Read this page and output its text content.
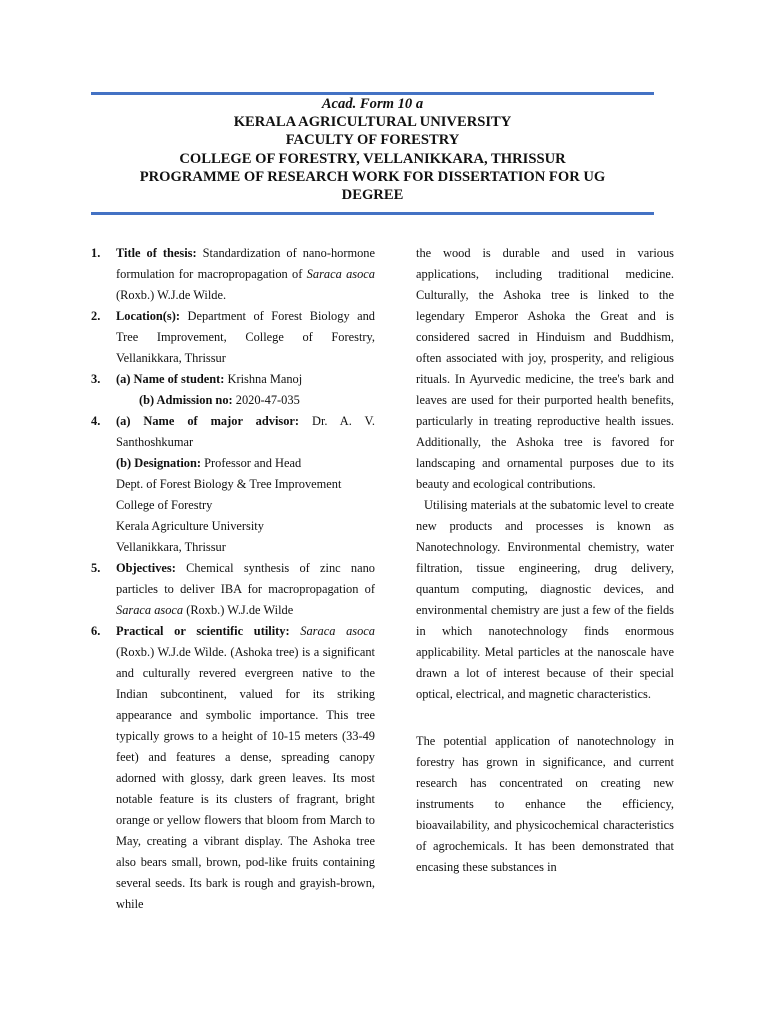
Acad. Form 10 a
KERALA AGRICULTURAL UNIVERSITY
FACULTY OF FORESTRY
COLLEGE OF FORESTRY, VELLANIKKARA, THRISSUR
PROGRAMME OF RESEARCH WORK FOR DISSERTATION FOR UG
DEGREE
1. Title of thesis: Standardization of nano-hormone formulation for macropropagation of Saraca asoca (Roxb.) W.J.de Wilde.
2. Location(s): Department of Forest Biology and Tree Improvement, College of Forestry, Vellanikkara, Thrissur
3. (a) Name of student: Krishna Manoj
(b) Admission no: 2020-47-035
4. (a) Name of major advisor: Dr. A. V. Santhoshkumar
(b) Designation: Professor and Head
Dept. of Forest Biology & Tree Improvement
College of Forestry
Kerala Agriculture University
Vellanikkara, Thrissur
5. Objectives: Chemical synthesis of zinc nano particles to deliver IBA for macropropagation of Saraca asoca (Roxb.) W.J.de Wilde
6. Practical or scientific utility: Saraca asoca (Roxb.) W.J.de Wilde. (Ashoka tree) is a significant and culturally revered evergreen native to the Indian subcontinent, valued for its striking appearance and symbolic importance. This tree typically grows to a height of 10-15 meters (33-49 feet) and features a dense, spreading canopy adorned with glossy, dark green leaves. Its most notable feature is its clusters of fragrant, bright orange or yellow flowers that bloom from March to May, creating a vibrant display. The Ashoka tree also bears small, brown, pod-like fruits containing several seeds. Its bark is rough and grayish-brown, while

the wood is durable and used in various applications, including traditional medicine. Culturally, the Ashoka tree is linked to the legendary Emperor Ashoka the Great and is considered sacred in Hinduism and Buddhism, often associated with joy, prosperity, and religious rituals. In Ayurvedic medicine, the tree's bark and leaves are used for their purported health benefits, particularly in treating reproductive health issues. Additionally, the Ashoka tree is favored for landscaping and ornamental purposes due to its beauty and ecological contributions.

Utilising materials at the subatomic level to create new products and processes is known as Nanotechnology. Environmental chemistry, water filtration, tissue engineering, drug delivery, quantum computing, diagnostic devices, and environmental chemistry are just a few of the fields in which nanotechnology finds enormous applicability. Metal particles at the nanoscale have drawn a lot of interest because of their special optical, electrical, and magnetic characteristics.

The potential application of nanotechnology in forestry has grown in significance, and current research has concentrated on creating new instruments to enhance the efficiency, bioavailability, and physicochemical characteristics of agrochemicals. It has been demonstrated that encasing these substances in
